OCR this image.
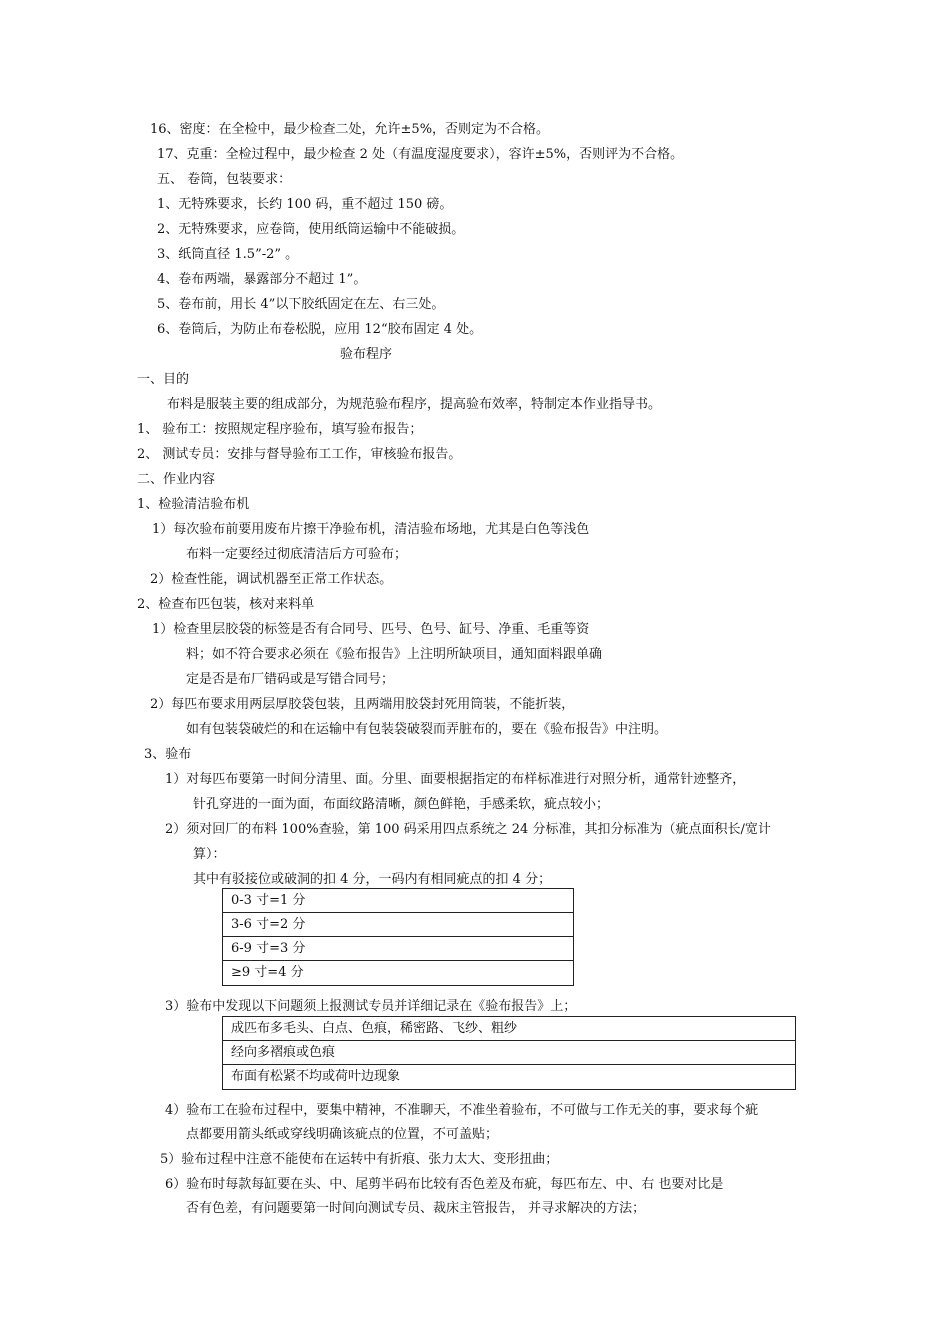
16、密度：在全检中，最少检查二处，允许±5%，否则定为不合格。
17、克重：全检过程中，最少检查 2 处（有温度湿度要求），容许±5%，否则评为不合格。
五、 卷筒，包装要求：
1、无特殊要求，长约 100 码，重不超过 150 磅。
2、无特殊要求，应卷筒，使用纸筒运输中不能破损。
3、纸筒直径 1.5”-2” 。
4、卷布两端，暴露部分不超过 1”。
5、卷布前，用长 4”以下胶纸固定在左、右三处。
6、卷筒后，为防止布卷松脱，应用 12“胶布固定 4 处。
验布程序
一、目的
布料是服装主要的组成部分，为规范验布程序，提高验布效率，特制定本作业指导书。
1、 验布工：按照规定程序验布，填写验布报告；
2、 测试专员：安排与督导验布工工作，审核验布报告。
二、作业内容
1、检验清洁验布机
1）每次验布前要用废布片擦干净验布机，清洁验布场地，尤其是白色等浅色
布料一定要经过彻底清洁后方可验布；
2）检查性能，调试机器至正常工作状态。
2、检查布匹包装，核对来料单
1）检查里层胶袋的标签是否有合同号、匹号、色号、缸号、净重、毛重等资
料；如不符合要求必须在《验布报告》上注明所缺项目，通知面料跟单确
定是否是布厂错码或是写错合同号；
2）每匹布要求用两层厚胶袋包装，且两端用胶袋封死用筒装，不能折装，
如有包装袋破烂的和在运输中有包装袋破裂而弄脏布的，要在《验布报告》中注明。
3、验布
1）对每匹布要第一时间分清里、面。分里、面要根据指定的布样标准进行对照分析，通常针迹整齐，
针孔穿进的一面为面，布面纹路清晰，颜色鲜艳，手感柔软，疵点较小；
2）须对回厂的布料 100%查验，第 100 码采用四点系统之 24 分标准，其扣分标准为（疵点面积长/宽计
算）：
其中有驳接位或破洞的扣 4 分，一码内有相同疵点的扣 4 分；
0-3 寸=1 分
3-6 寸=2 分
6-9 寸=3 分
≥9 寸=4 分
3）验布中发现以下问题须上报测试专员并详细记录在《验布报告》上；
成匹布多毛头、白点、色痕，稀密路、飞纱、粗纱
经向多褶痕或色痕
布面有松紧不均或荷叶边现象
4）验布工在验布过程中，要集中精神，不准聊天，不准坐着验布，不可做与工作无关的事，要求每个疵
点都要用箭头纸或穿线明确该疵点的位置，不可盖贴；
5）验布过程中注意不能使布在运转中有折痕、张力太大、变形扭曲；
6）验布时每款每缸要在头、中、尾剪半码布比较有否色差及布疵，每匹布左、中、右 也要对比是
否有色差，有问题要第一时间向测试专员、裁床主管报告， 并寻求解决的方法；
